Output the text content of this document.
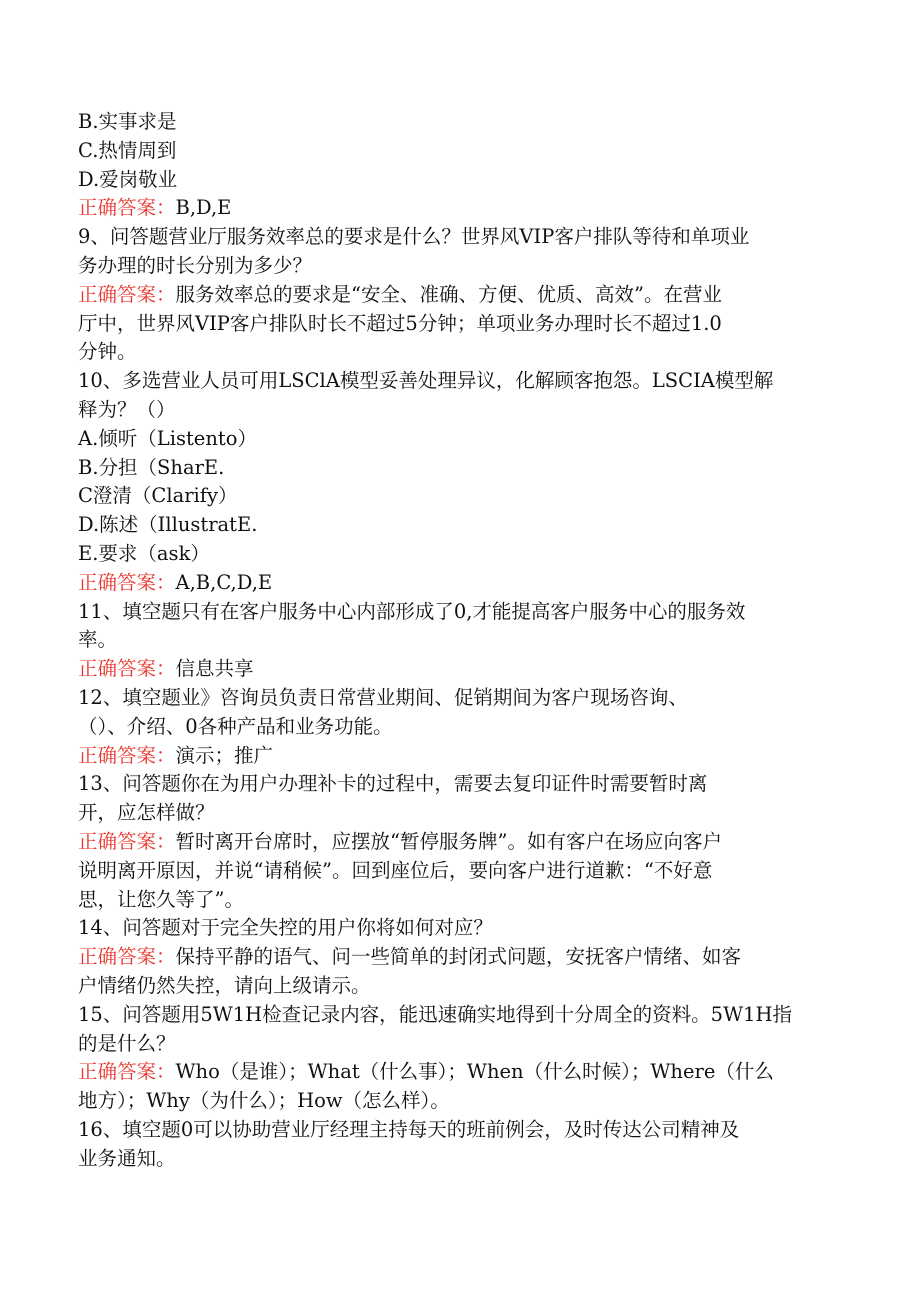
B.实事求是
C.热情周到
D.爱岗敬业
正确答案：B,D,E
9、问答题营业厅服务效率总的要求是什么？世界风VIP客户排队等待和单项业
务办理的时长分别为多少？
正确答案：服务效率总的要求是“安全、准确、方便、优质、高效”。在营业
厅中，世界风VIP客户排队时长不超过5分钟；单项业务办理时长不超过1.0
分钟。
10、多选营业人员可用LSClA模型妥善处理异议，化解顾客抱怨。LSCIA模型解
释为？（）
A.倾听（Listento）
B.分担（SharE.
C澄清（Clarify）
D.陈述（IllustratE.
E.要求（ask）
正确答案：A,B,C,D,E
11、填空题只有在客户服务中心内部形成了0,才能提高客户服务中心的服务效
率。
正确答案：信息共享
12、填空题业》咨询员负责日常营业期间、促销期间为客户现场咨询、
（）、介绍、0各种产品和业务功能。
正确答案：演示；推广
13、问答题你在为用户办理补卡的过程中，需要去复印证件时需要暂时离
开，应怎样做？
正确答案：暂时离开台席时，应摆放“暂停服务牌”。如有客户在场应向客户
说明离开原因，并说“请稍候”。回到座位后，要向客户进行道歉：“不好意
思，让您久等了”。
14、问答题对于完全失控的用户你将如何对应？
正确答案：保持平静的语气、问一些简单的封闭式问题，安抚客户情绪、如客
户情绪仍然失控，请向上级请示。
15、问答题用5W1H检查记录内容，能迅速确实地得到十分周全的资料。5W1H指
的是什么？
正确答案：Who（是谁）；What（什么事）；When（什么时候）；Where（什么
地方）；Why（为什么）；How（怎么样）。
16、填空题0可以协助营业厅经理主持每天的班前例会，及时传达公司精神及
业务通知。
